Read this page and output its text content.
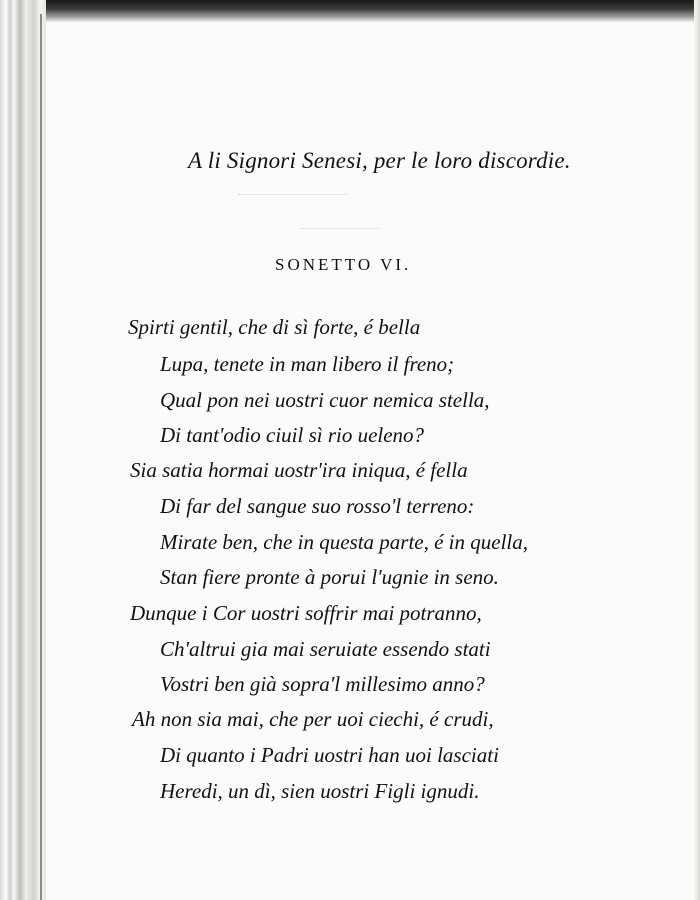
A li Signori Senesi, per le loro discordie.
SONETTO VI.
Spirti gentil, che di sì forte, é bella
Lupa, tenete in man libero il freno;
Qual pon nei uostri cuor nemica stella,
Di tant'odio ciuil sì rio ueleno?
Sia satia hormai uostr'ira iniqua, é fella
Di far del sangue suo rosso'l terreno:
Mirate ben, che in questa parte, é in quella,
Stan fiere pronte à porui l'ugnie in seno.
Dunque i Cor uostri soffrir mai potranno,
Ch'altrui gia mai seruiate essendo stati
Vostri ben già sopra'l millesimo anno?
Ah non sia mai, che per uoi ciechi, é crudi,
Di quanto i Padri uostri han uoi lasciati
Heredi, un dì, sien uostri Figli ignudi.
